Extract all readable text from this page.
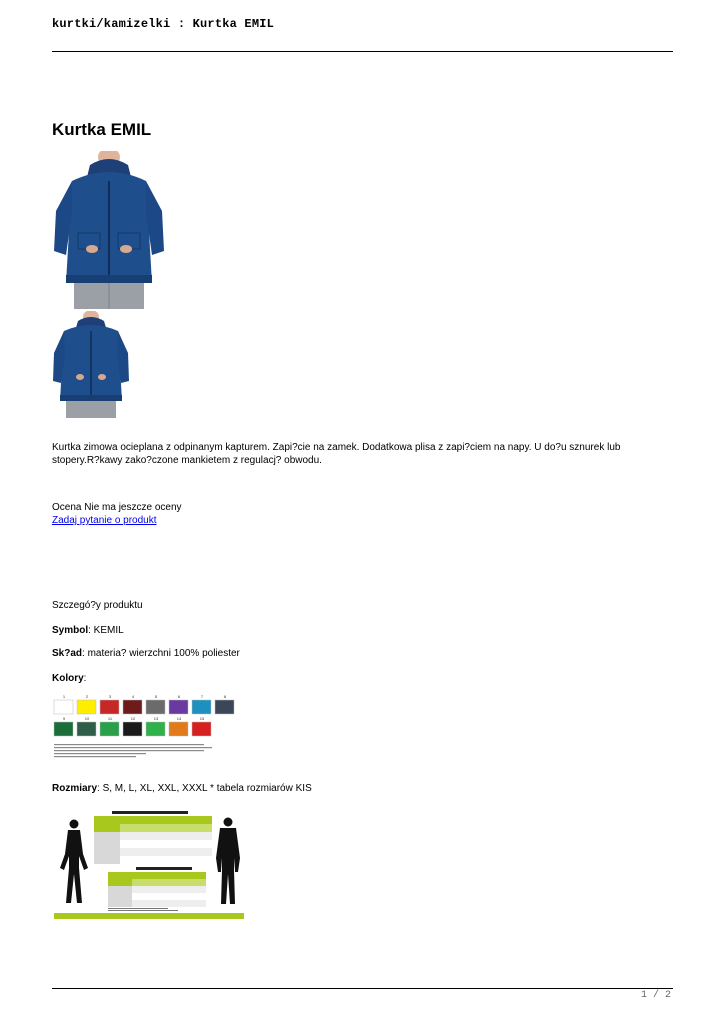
kurtki/kamizelki : Kurtka EMIL
Kurtka EMIL
Kurtka zimowa ocieplana z odpinanym kapturem. Zapi?cie na zamek. Dodatkowa plisa z zapi?ciem na napy. U do?u sznurek lub stopery.R?kawy zako?czone mankietem z regulacj? obwodu.
Ocena Nie ma jeszcze oceny
Zadaj pytanie o produkt
Szczegó?y produktu
Symbol: KEMIL
Sk?ad: materia? wierzchni 100% poliester
Kolory:
1	2	3	4	5	6	7	8
9	10	11	12	13	14	15
Rozmiary: S, M, L, XL, XXL, XXXL * tabela rozmiarów KIS
1 / 2
